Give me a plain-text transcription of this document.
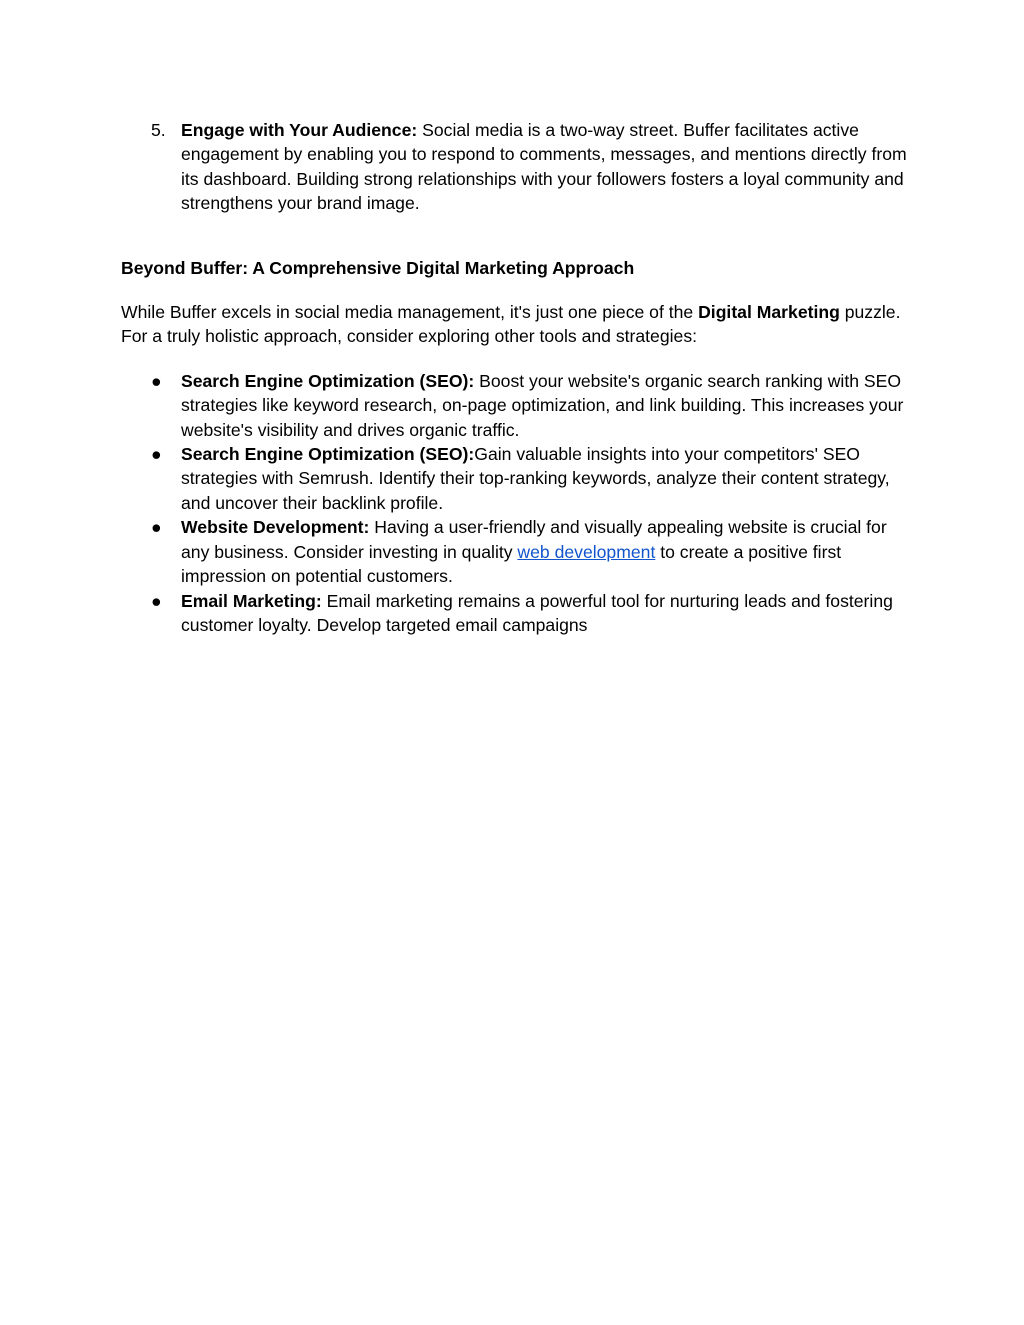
5. Engage with Your Audience: Social media is a two-way street. Buffer facilitates active engagement by enabling you to respond to comments, messages, and mentions directly from its dashboard. Building strong relationships with your followers fosters a loyal community and strengthens your brand image.

Beyond Buffer: A Comprehensive Digital Marketing Approach

While Buffer excels in social media management, it's just one piece of the Digital Marketing puzzle. For a truly holistic approach, consider exploring other tools and strategies:

● Search Engine Optimization (SEO): Boost your website's organic search ranking with SEO strategies like keyword research, on-page optimization, and link building. This increases your website's visibility and drives organic traffic.

● Search Engine Optimization (SEO):Gain valuable insights into your competitors' SEO strategies with Semrush. Identify their top-ranking keywords, analyze their content strategy, and uncover their backlink profile.

● Website Development: Having a user-friendly and visually appealing website is crucial for any business. Consider investing in quality web development to create a positive first impression on potential customers.

● Email Marketing: Email marketing remains a powerful tool for nurturing leads and fostering customer loyalty. Develop targeted email campaigns
